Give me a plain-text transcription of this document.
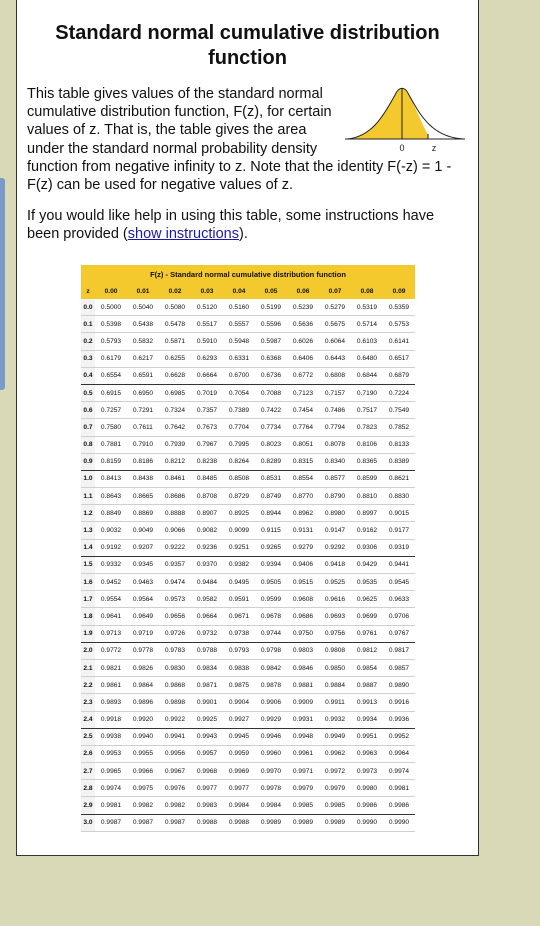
Standard normal cumulative distribution function
0	z
This table gives values of the standard normal cumulative distribution function, F(z), for certain values of z. That is, the table gives the area under the standard normal probability density function from negative infinity to z. Note that the identity F(-z) = 1 - F(z) can be used for negative values of z.
If you would like help in using this table, some instructions have been provided (show instructions).
F(z) - Standard normal cumulative distribution function										
z	0.00	0.01	0.02	0.03	0.04	0.05	0.06	0.07	0.08	0.09
0.0	0.5000	0.5040	0.5080	0.5120	0.5160	0.5199	0.5239	0.5279	0.5319	0.5359
0.1	0.5398	0.5438	0.5478	0.5517	0.5557	0.5596	0.5636	0.5675	0.5714	0.5753
0.2	0.5793	0.5832	0.5871	0.5910	0.5948	0.5987	0.6026	0.6064	0.6103	0.6141
0.3	0.6179	0.6217	0.6255	0.6293	0.6331	0.6368	0.6406	0.6443	0.6480	0.6517
0.4	0.6554	0.6591	0.6628	0.6664	0.6700	0.6736	0.6772	0.6808	0.6844	0.6879
0.5	0.6915	0.6950	0.6985	0.7019	0.7054	0.7088	0.7123	0.7157	0.7190	0.7224
0.6	0.7257	0.7291	0.7324	0.7357	0.7389	0.7422	0.7454	0.7486	0.7517	0.7549
0.7	0.7580	0.7611	0.7642	0.7673	0.7704	0.7734	0.7764	0.7794	0.7823	0.7852
0.8	0.7881	0.7910	0.7939	0.7967	0.7995	0.8023	0.8051	0.8078	0.8106	0.8133
0.9	0.8159	0.8186	0.8212	0.8238	0.8264	0.8289	0.8315	0.8340	0.8365	0.8389
1.0	0.8413	0.8438	0.8461	0.8485	0.8508	0.8531	0.8554	0.8577	0.8599	0.8621
1.1	0.8643	0.8665	0.8686	0.8708	0.8729	0.8749	0.8770	0.8790	0.8810	0.8830
1.2	0.8849	0.8869	0.8888	0.8907	0.8925	0.8944	0.8962	0.8980	0.8997	0.9015
1.3	0.9032	0.9049	0.9066	0.9082	0.9099	0.9115	0.9131	0.9147	0.9162	0.9177
1.4	0.9192	0.9207	0.9222	0.9236	0.9251	0.9265	0.9279	0.9292	0.9306	0.9319
1.5	0.9332	0.9345	0.9357	0.9370	0.9382	0.9394	0.9406	0.9418	0.9429	0.9441
1.6	0.9452	0.9463	0.9474	0.9484	0.9495	0.9505	0.9515	0.9525	0.9535	0.9545
1.7	0.9554	0.9564	0.9573	0.9582	0.9591	0.9599	0.9608	0.9616	0.9625	0.9633
1.8	0.9641	0.9649	0.9656	0.9664	0.9671	0.9678	0.9686	0.9693	0.9699	0.9706
1.9	0.9713	0.9719	0.9726	0.9732	0.9738	0.9744	0.9750	0.9756	0.9761	0.9767
2.0	0.9772	0.9778	0.9783	0.9788	0.9793	0.9798	0.9803	0.9808	0.9812	0.9817
2.1	0.9821	0.9826	0.9830	0.9834	0.9838	0.9842	0.9846	0.9850	0.9854	0.9857
2.2	0.9861	0.9864	0.9868	0.9871	0.9875	0.9878	0.9881	0.9884	0.9887	0.9890
2.3	0.9893	0.9896	0.9898	0.9901	0.9904	0.9906	0.9909	0.9911	0.9913	0.9916
2.4	0.9918	0.9920	0.9922	0.9925	0.9927	0.9929	0.9931	0.9932	0.9934	0.9936
2.5	0.9938	0.9940	0.9941	0.9943	0.9945	0.9946	0.9948	0.9949	0.9951	0.9952
2.6	0.9953	0.9955	0.9956	0.9957	0.9959	0.9960	0.9961	0.9962	0.9963	0.9964
2.7	0.9965	0.9966	0.9967	0.9968	0.9969	0.9970	0.9971	0.9972	0.9973	0.9974
2.8	0.9974	0.9975	0.9976	0.9977	0.9977	0.9978	0.9979	0.9979	0.9980	0.9981
2.9	0.9981	0.9982	0.9982	0.9983	0.9984	0.9984	0.9985	0.9985	0.9986	0.9986
3.0	0.9987	0.9987	0.9987	0.9988	0.9988	0.9989	0.9989	0.9989	0.9990	0.9990
